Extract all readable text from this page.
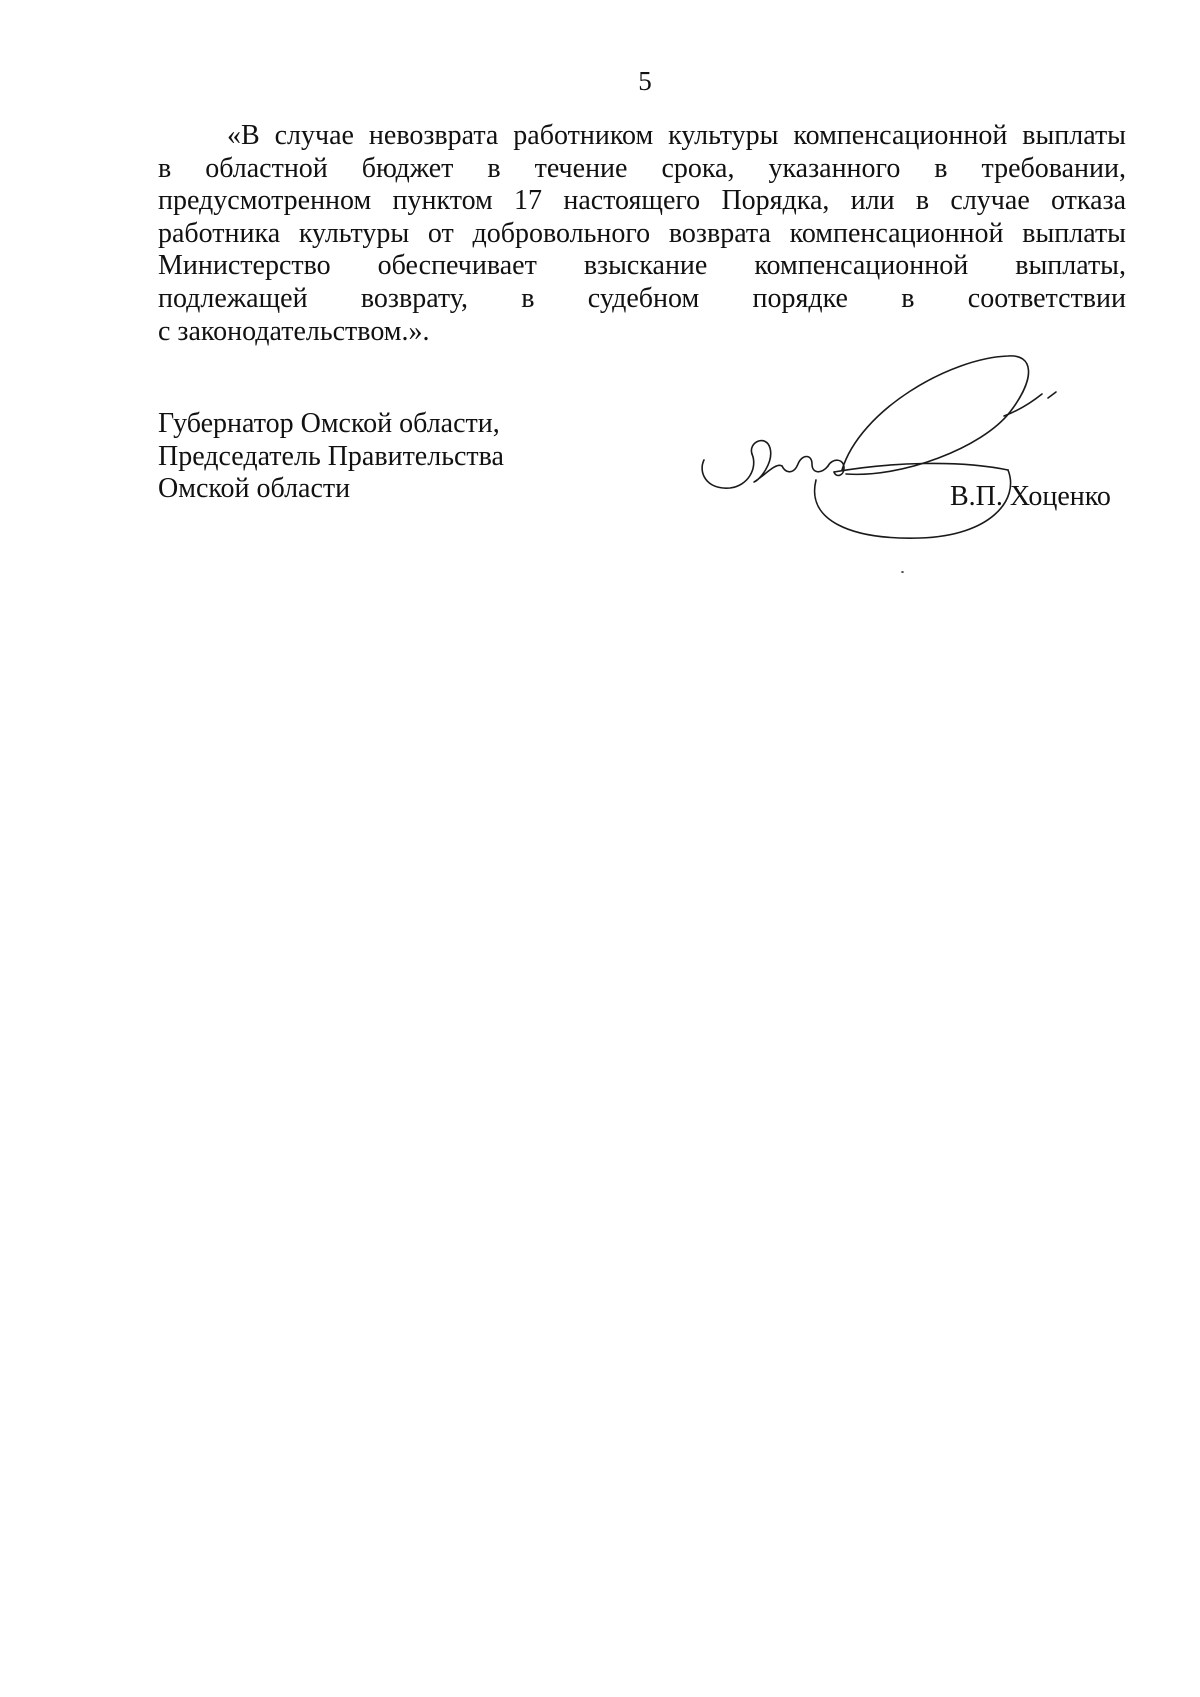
5
«В случае невозврата работником культуры компенсационной выплаты
в областной бюджет в течение срока, указанного в требовании,
предусмотренном пунктом 17 настоящего Порядка, или в случае отказа
работника культуры от добровольного возврата компенсационной выплаты
Министерство обеспечивает взыскание компенсационной выплаты,
подлежащей возврату, в судебном порядке в соответствии
с законодательством.».
Губернатор Омской области,
Председатель Правительства
Омской области	В.П. Хоценко
